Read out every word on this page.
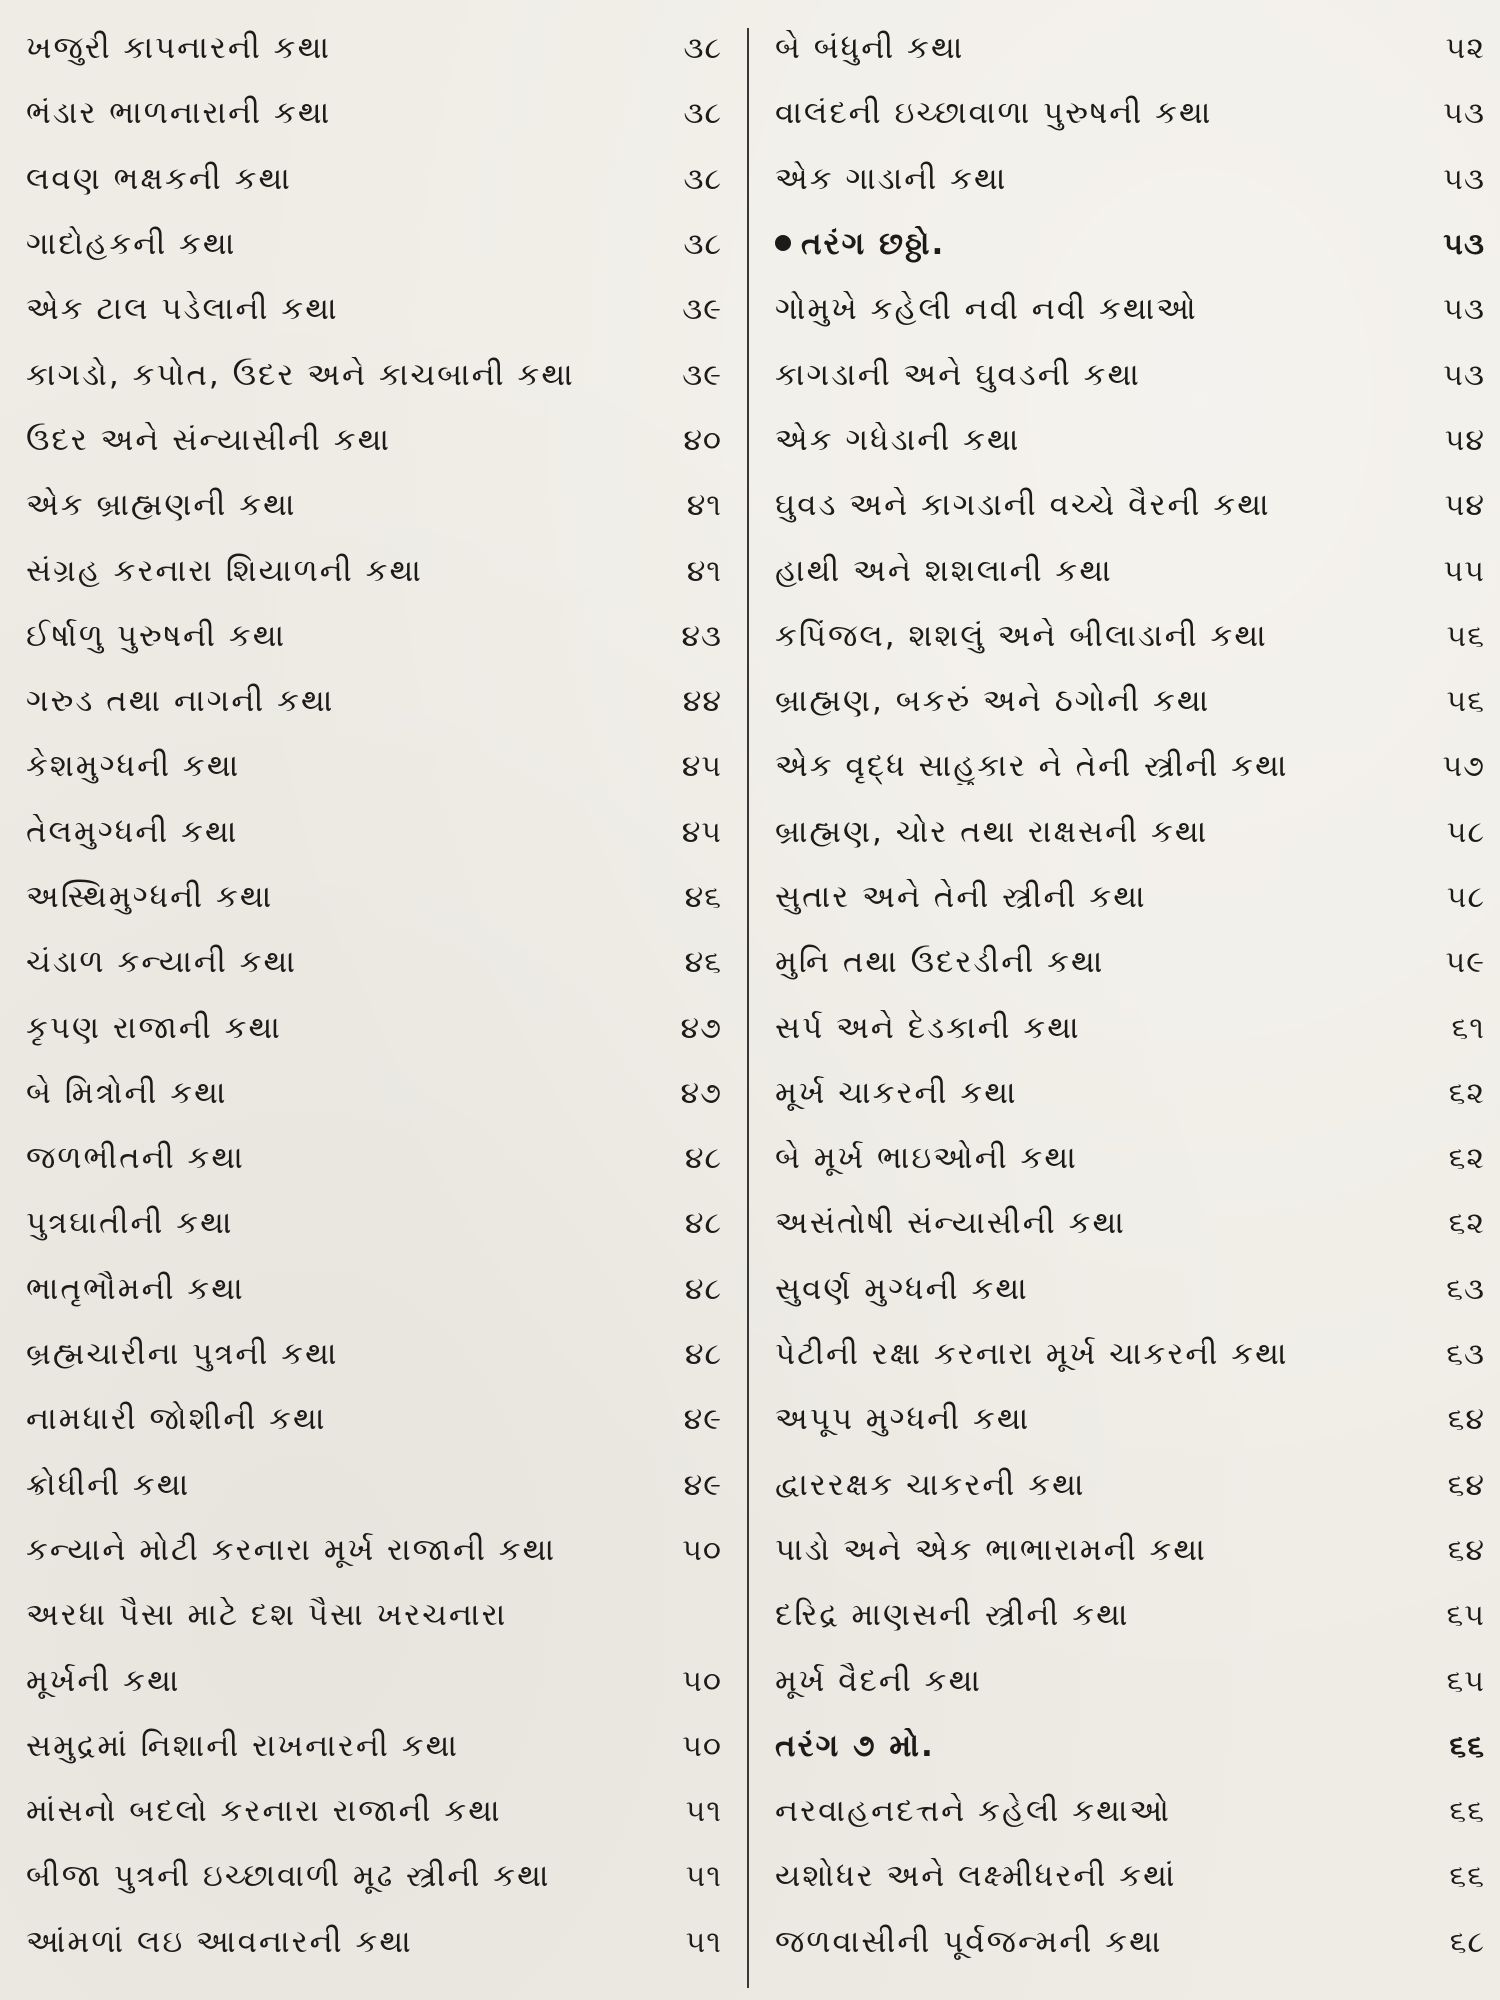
ખજુરી કાપનારની કથા	૩૮
ભંડાર ભાળનારાની કથા	૩૮
લવણ ભક્ષકની કથા	૩૮
ગાદોહકની કથા	૩૮
એક ટાલ પડેલાની કથા	૩૯
કાગડો, કપોત, ઉંદર અને કાચબાની કથા	૩૯
ઉંદર અને સંન્યાસીની કથા	૪૦
એક બ્રાહ્મણની કથા	૪૧
સંગ્રહ કરનારા શિયાળની કથા	૪૧
ઈર્ષાળુ પુરુષની કથા	૪૩
ગરુડ તથા નાગની કથા	૪૪
કેશમુગ્ધની કથા	૪૫
તેલમુગ્ધની કથા	૪૫
અસ્થિમુગ્ધની કથા	૪૬
ચંડાળ કન્યાની કથા	૪૬
કૃપણ રાજાની કથા	૪૭
બે મિત્રોની કથા	૪૭
જળભીતની કથા	૪૮
પુત્રઘાતીની કથા	૪૮
ભાતૃભૌમની કથા	૪૮
બ્રહ્મચારીના પુત્રની કથા	૪૮
નામધારી જોશીની કથા	૪૯
ક્રોધીની કથા	૪૯
કન્યાને મોટી કરનારા મૂર્ખ રાજાની કથા	૫૦
અરધા પૈસા માટે દશ પૈસા ખરચનારા
મૂર્ખની કથા	૫૦
સમુદ્રમાં નિશાની રાખનારની કથા	૫૦
માંસનો બદલો કરનારા રાજાની કથા	૫૧
બીજા પુત્રની ઇચ્છાવાળી મૂઢ સ્ત્રીની કથા	૫૧
આંમળાં લઇ આવનારની કથા	૫૧
બે બંધુની કથા	૫૨
વાલંદની ઇચ્છાવાળા પુરુષની કથા	૫૩
એક ગાડાની કથા	૫૩
તરંગ છઠ્ઠો.	૫૩
ગોમુખે કહેલી નવી નવી કથાઓ	૫૩
કાગડાની અને ઘુવડની કથા	૫૩
એક ગધેડાની કથા	૫૪
ઘુવડ અને કાગડાની વચ્ચે વૈરની કથા	૫૪
હાથી અને શશલાની કથા	૫૫
કપિંજલ, શશલું અને બીલાડાની કથા	૫૬
બ્રાહ્મણ, બકરું અને ઠગોની કથા	૫૬
એક વૃદ્ધ સાહુકાર ને તેની સ્ત્રીની કથા	૫૭
બ્રાહ્મણ, ચોર તથા રાક્ષસની કથા	૫૮
સુતાર અને તેની સ્ત્રીની કથા	૫૮
મુનિ તથા ઉંદરડીની કથા	૫૯
સર્પ અને દેડકાની કથા	૬૧
મૂર્ખ ચાકરની કથા	૬૨
બે મૂર્ખ ભાઇઓની કથા	૬૨
અસંતોષી સંન્યાસીની કથા	૬૨
સુવર્ણ મુગ્ધની કથા	૬૩
પેટીની રક્ષા કરનારા મૂર્ખ ચાકરની કથા	૬૩
અપૂપ મુગ્ધની કથા	૬૪
દ્વારરક્ષક ચાકરની કથા	૬૪
પાડો અને એક ભાભારામની કથા	૬૪
દરિદ્ર માણસની સ્ત્રીની કથા	૬૫
મૂર્ખ વૈદની કથા	૬૫
તરંગ ૭ મો.	૬૬
નરવાહનદત્તને કહેલી કથાઓ	૬૬
યશોધર અને લક્ષ્મીધરની કથાં	૬૬
જળવાસીની પૂર્વજન્મની કથા	૬૮
